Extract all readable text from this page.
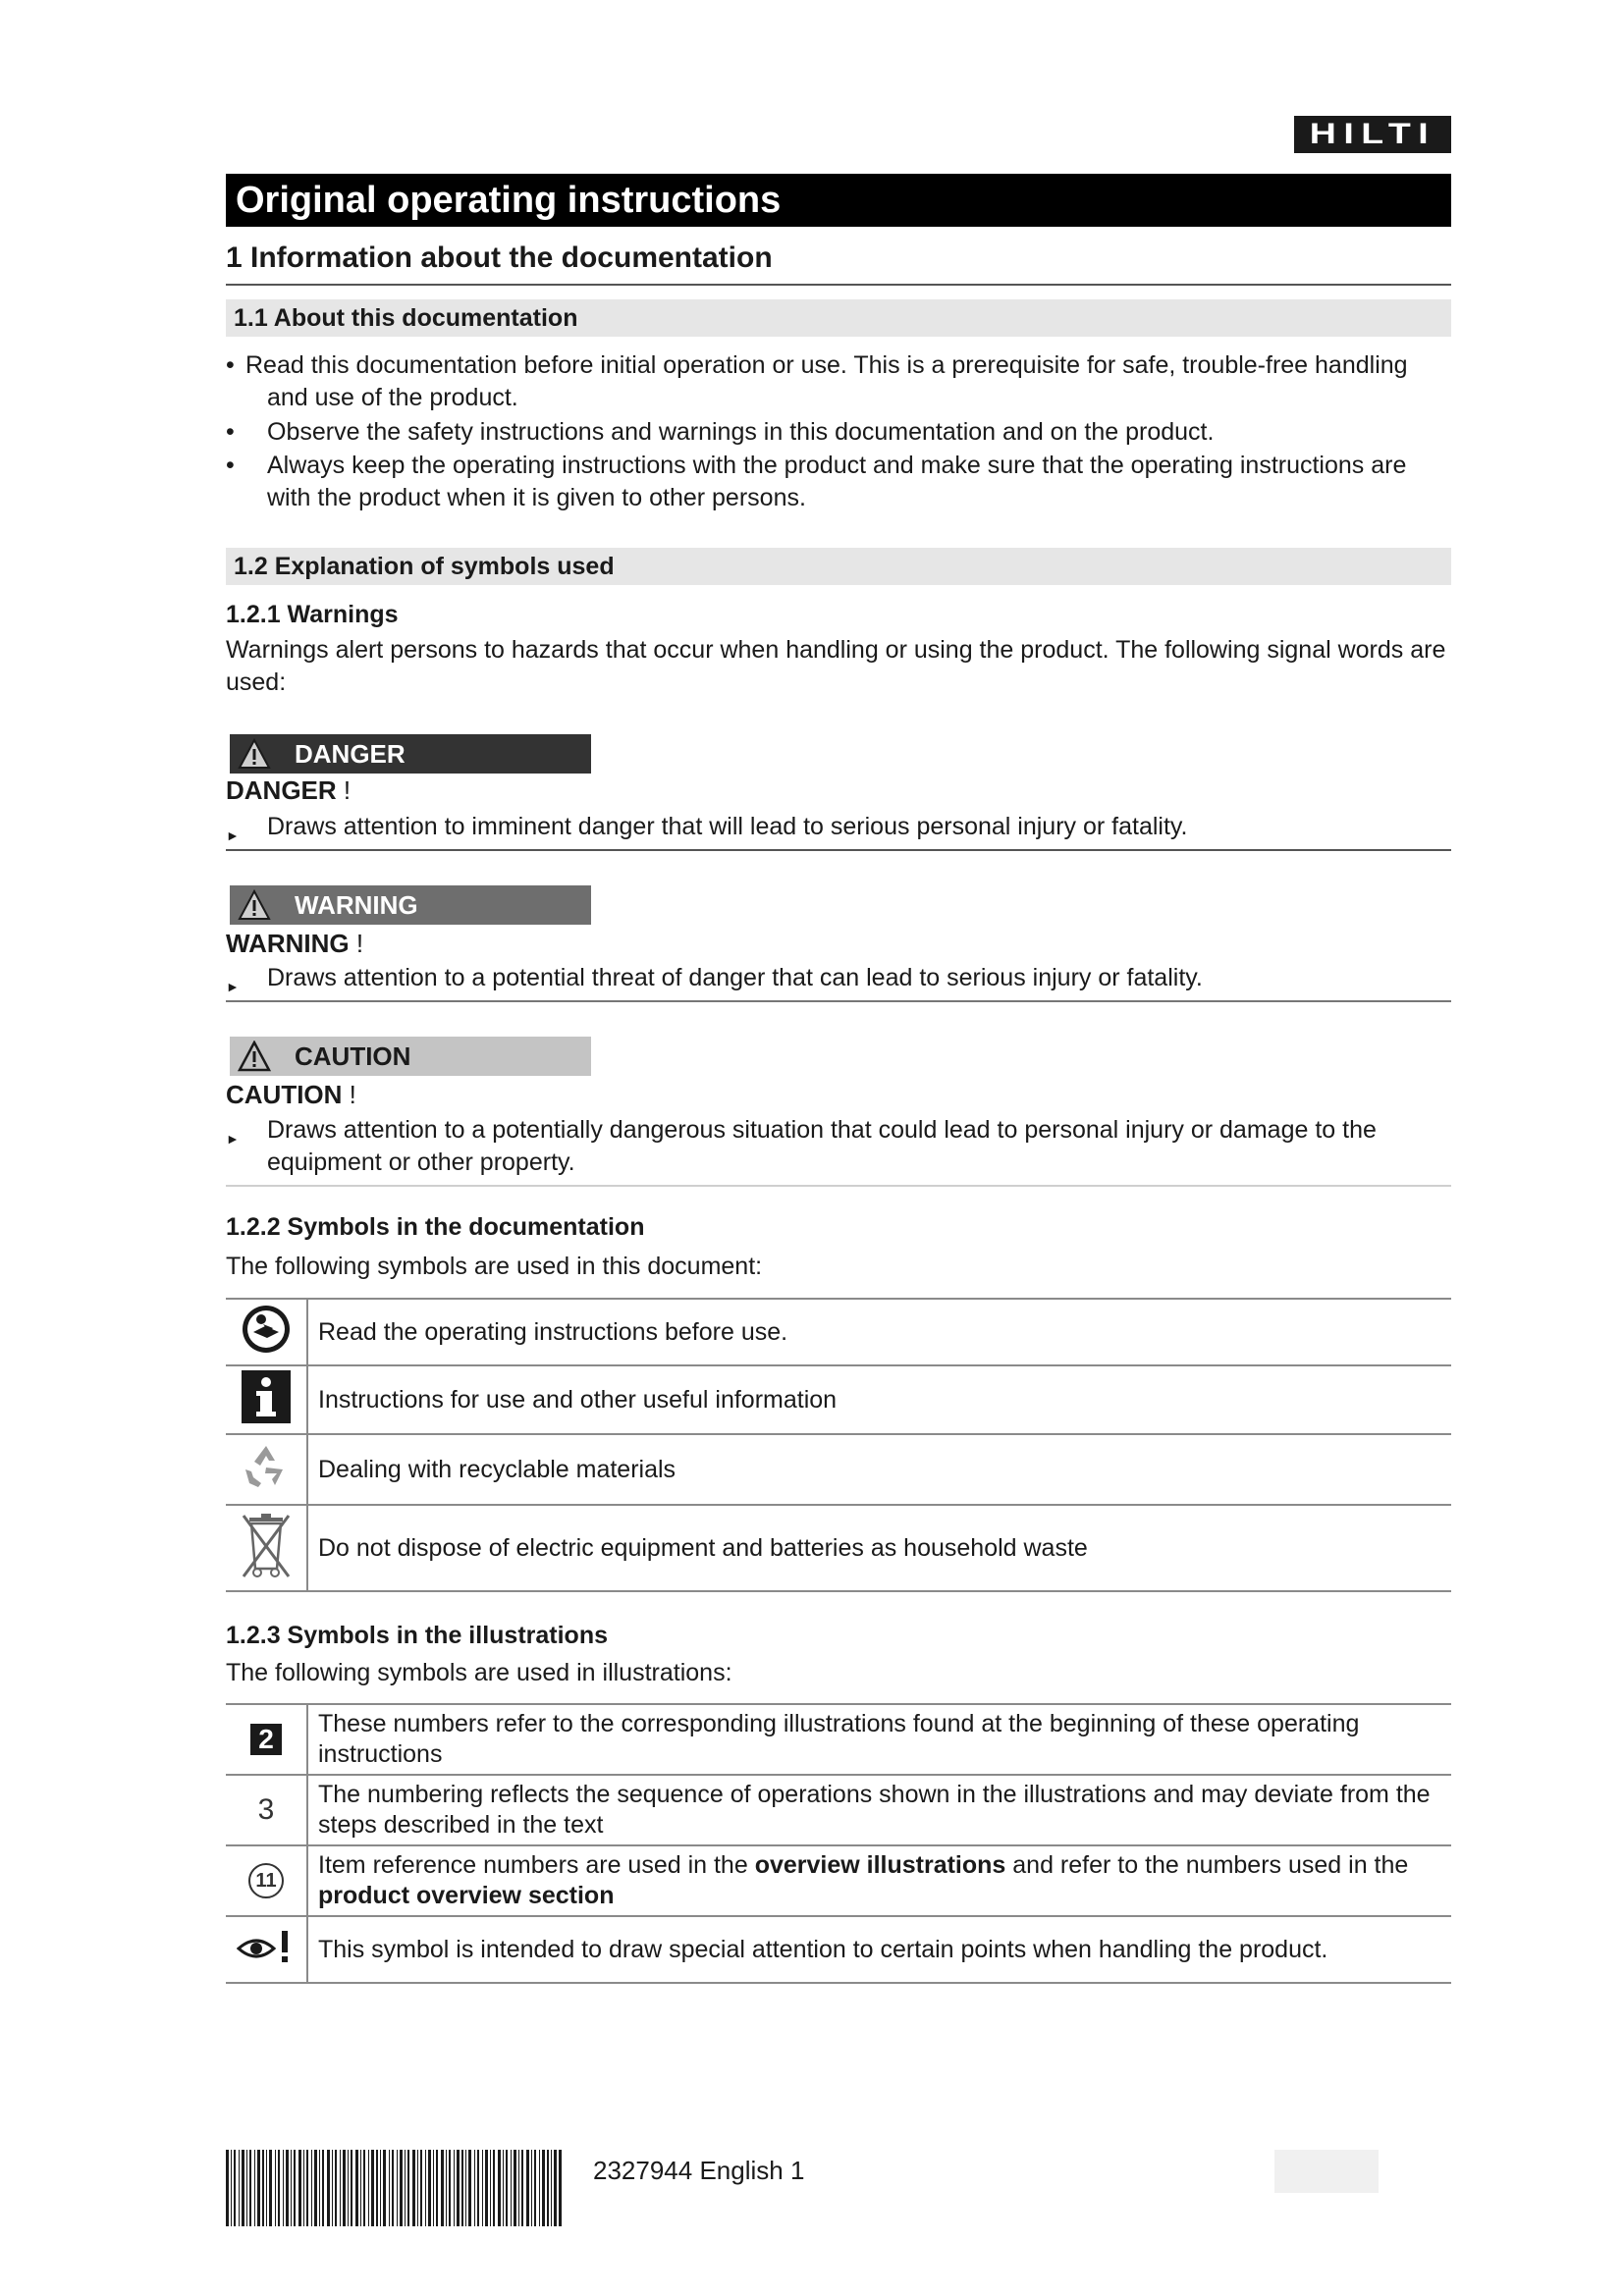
HILTI
Original operating instructions
1 Information about the documentation
1.1 About this documentation
• Read this documentation before initial operation or use. This is a prerequisite for safe, trouble-free handling and use of the product.
• Observe the safety instructions and warnings in this documentation and on the product.
• Always keep the operating instructions with the product and make sure that the operating instructions are with the product when it is given to other persons.
1.2 Explanation of symbols used
1.2.1 Warnings
Warnings alert persons to hazards that occur when handling or using the product. The following signal words are used:
DANGER
DANGER !
► Draws attention to imminent danger that will lead to serious personal injury or fatality.
WARNING
WARNING !
► Draws attention to a potential threat of danger that can lead to serious injury or fatality.
CAUTION
CAUTION !
► Draws attention to a potentially dangerous situation that could lead to personal injury or damage to the equipment or other property.
1.2.2 Symbols in the documentation
The following symbols are used in this document:
	Read the operating instructions before use.
	Instructions for use and other useful information
	Dealing with recyclable materials
	Do not dispose of electric equipment and batteries as household waste
1.2.3 Symbols in the illustrations
The following symbols are used in illustrations:
2	These numbers refer to the corresponding illustrations found at the beginning of these operating instructions
3	The numbering reflects the sequence of operations shown in the illustrations and may deviate from the steps described in the text
11	Item reference numbers are used in the overview illustrations and refer to the numbers used in the product overview section
	This symbol is intended to draw special attention to certain points when handling the product.
2327944 English 1
